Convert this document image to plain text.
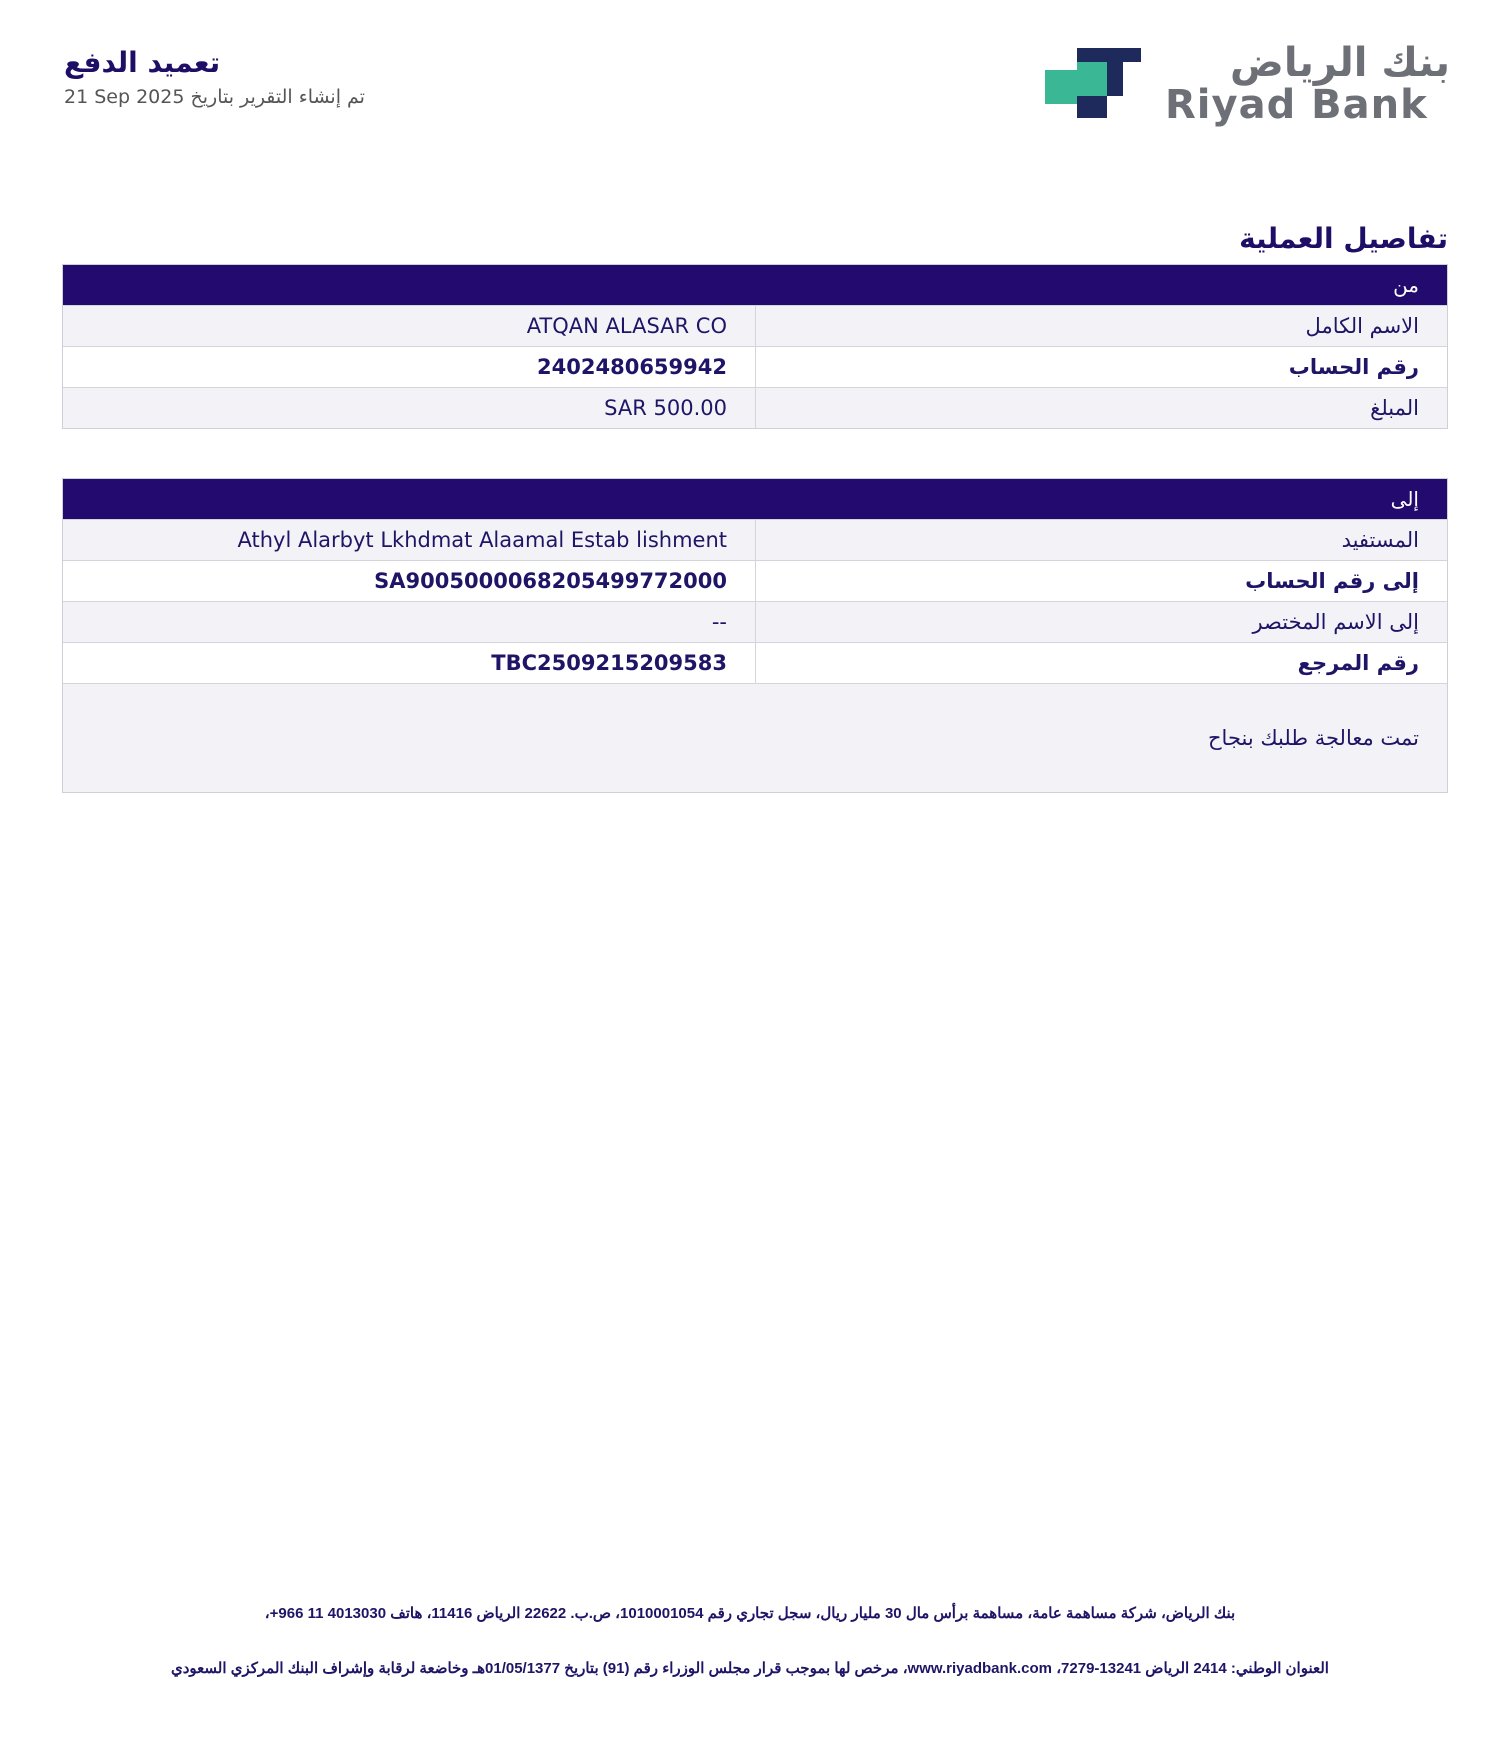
تعميد الدفع
21 Sep 2025 تم إنشاء التقرير بتاريخ
بنك الرياض
Riyad Bank
تفاصيل العملية
من
ATQAN ALASAR CO	الاسم الكامل
2402480659942	رقم الحساب
SAR 500.00	المبلغ
إلى
Athyl Alarbyt Lkhdmat Alaamal Estab lishment	المستفيد
SA9005000068205499772000	إلى رقم الحساب
--	إلى الاسم المختصر
TBC2509215209583	رقم المرجع
تمت معالجة طلبك بنجاح
بنك الرياض، شركة مساهمة عامة، مساهمة برأس مال 30 مليار ريال، سجل تجاري رقم 1010001054، ص.ب. 22622 الرياض 11416، هاتف 4013030 11 966+،
العنوان الوطني: 2414 الرياض 13241-7279، www.riyadbank.com، مرخص لها بموجب قرار مجلس الوزراء رقم (91) بتاريخ 01/05/1377هـ وخاضعة لرقابة وإشراف البنك المركزي السعودي
